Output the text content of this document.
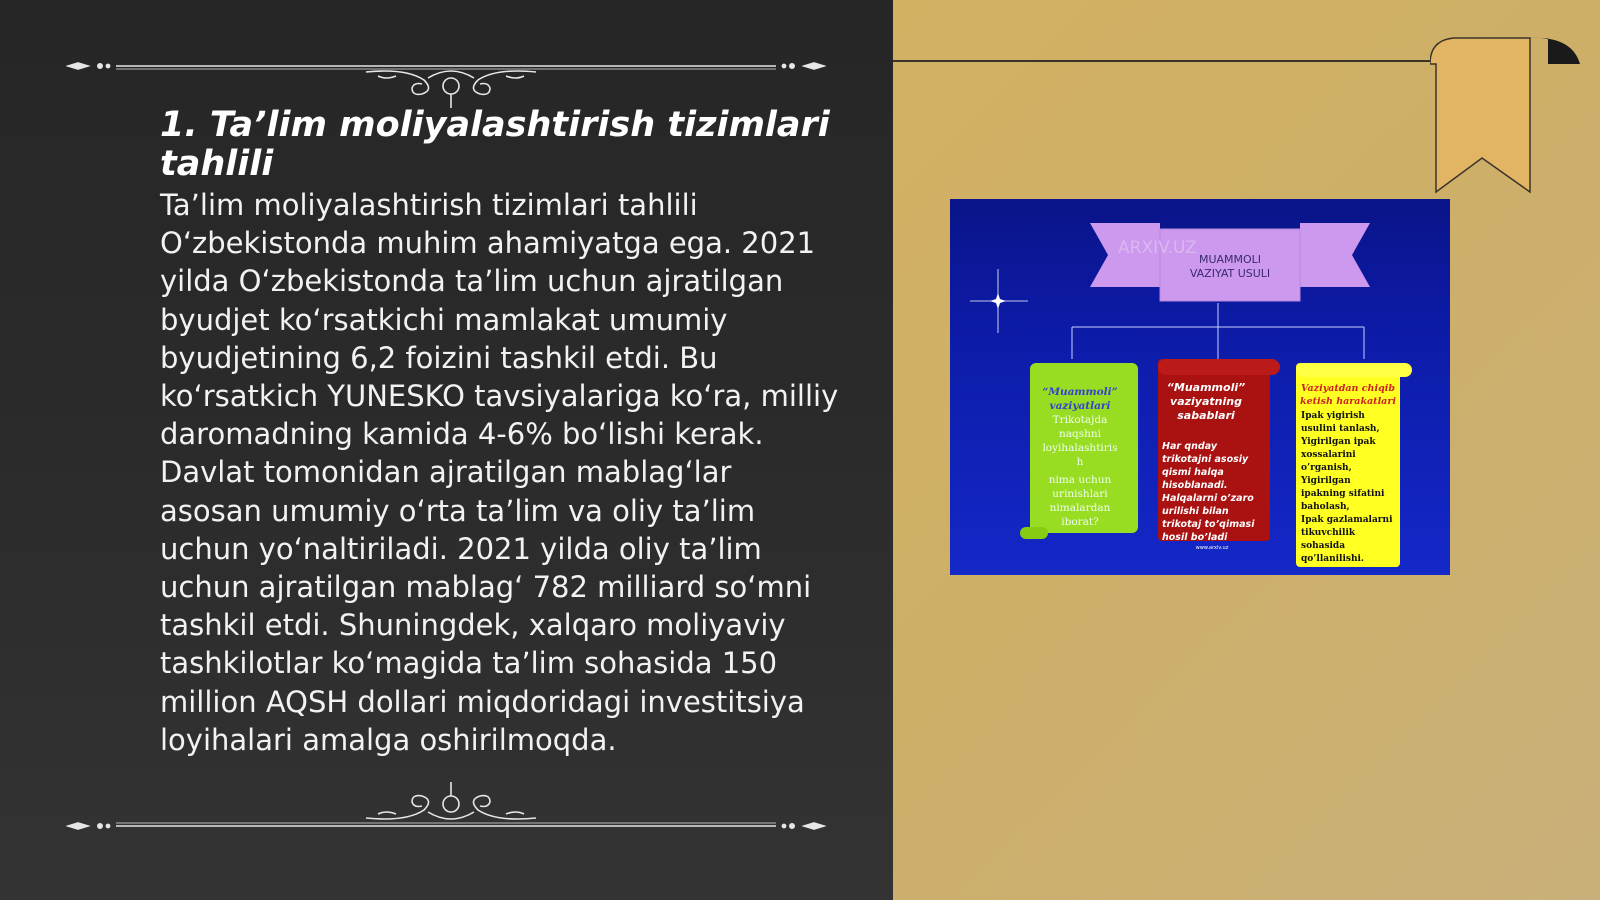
1. Ta’lim moliyalashtirish tizimlari tahlili

Ta’lim moliyalashtirish tizimlari tahlili O‘zbekistonda muhim ahamiyatga ega. 2021 yilda O‘zbekistonda ta’lim uchun ajratilgan byudjet ko‘rsatkichi mamlakat umumiy byudjetining 6,2 foizini tashkil etdi. Bu ko‘rsatkich YUNESKO tavsiyalariga ko‘ra, milliy daromadning kamida 4-6% bo‘lishi kerak. Davlat tomonidan ajratilgan mablag‘lar asosan umumiy o‘rta ta’lim va oliy ta’lim uchun yo‘naltiriladi. 2021 yilda oliy ta’lim uchun ajratilgan mablag‘ 782 milliard so‘mni tashkil etdi. Shuningdek, xalqaro moliyaviy tashkilotlar ko‘magida ta’lim sohasida 150 million AQSH dollari miqdoridagi investitsiya loyihalari amalga oshirilmoqda.

ARXIV.UZ
MUAMMOLI
VAZIYAT USULI
“Muammoli”
vaziyatlari
Trikotajda
naqshni
loyihalashtiris
h
nima uchun
urinishlari
nimalardan
iborat?
“Muammoli”
vaziyatning
sabablari
Har qnday
trikotajni asosiy
qismi halqa
hisoblanadi.
Halqalarni o’zaro
urilishi bilan
trikotaj to’qimasi
hosil bo’ladi
www.arxiv.uz
Vaziyatdan chiqib
ketish harakatlari
Ipak yigirish
usulini tanlash,
Yigirilgan ipak
xossalarini
o’rganish,
Yigirilgan
ipakning sifatini
baholash,
Ipak gazlamalarni
tikuvchilik
sohasida
qo’llanilishi.
